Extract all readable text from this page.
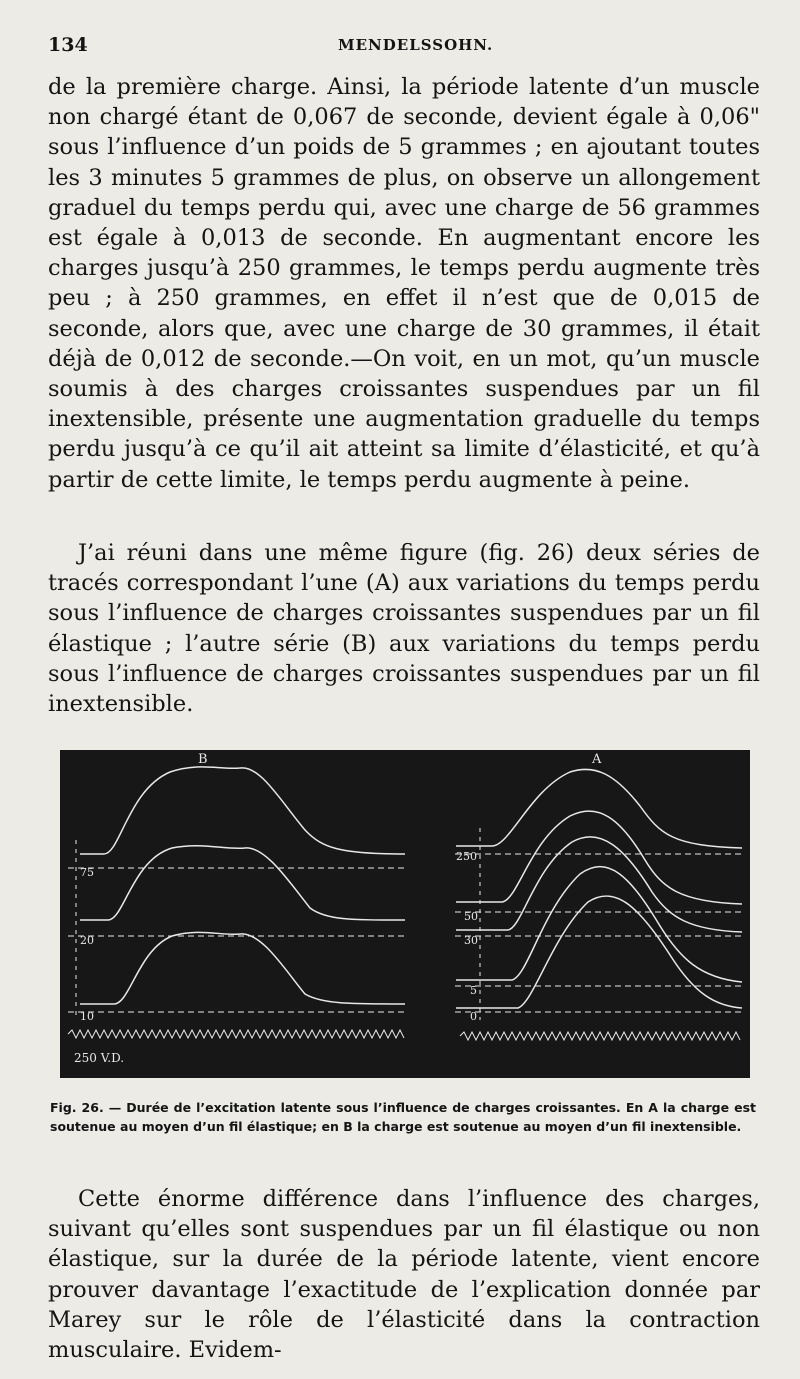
134	MENDELSSOHN.

de la première charge. Ainsi, la période latente d’un muscle non chargé étant de 0,067 de seconde, devient égale à 0,06" sous l’influence d’un poids de 5 grammes ; en ajoutant toutes les 3 minutes 5 grammes de plus, on observe un allongement graduel du temps perdu qui, avec une charge de 56 grammes est égale à 0,013 de seconde. En augmentant encore les charges jusqu’à 250 grammes, le temps perdu augmente très peu ; à 250 grammes, en effet il n’est que de 0,015 de seconde, alors que, avec une charge de 30 grammes, il était déjà de 0,012 de seconde.—On voit, en un mot, qu’un muscle soumis à des charges croissantes suspendues par un fil inextensible, présente une augmentation graduelle du temps perdu jusqu’à ce qu’il ait atteint sa limite d’élasticité, et qu’à partir de cette limite, le temps perdu augmente à peine.

J’ai réuni dans une même figure (fig. 26) deux séries de tracés correspondant l’une (A) aux variations du temps perdu sous l’influence de charges croissantes suspendues par un fil élastique ; l’autre série (B) aux variations du temps perdu sous l’influence de charges croissantes suspendues par un fil inextensible.

B	A
75
20
10
250
50
30
5
0
250 V.D.

Fig. 26. — Durée de l’excitation latente sous l’influence de charges croissantes. En A la charge est soutenue au moyen d’un fil élastique; en B la charge est soutenue au moyen d’un fil inextensible.

Cette énorme différence dans l’influence des charges, suivant qu’elles sont suspendues par un fil élastique ou non élastique, sur la durée de la période latente, vient encore prouver davantage l’exactitude de l’explication donnée par Marey sur le rôle de l’élasticité dans la contraction musculaire. Evidem-
